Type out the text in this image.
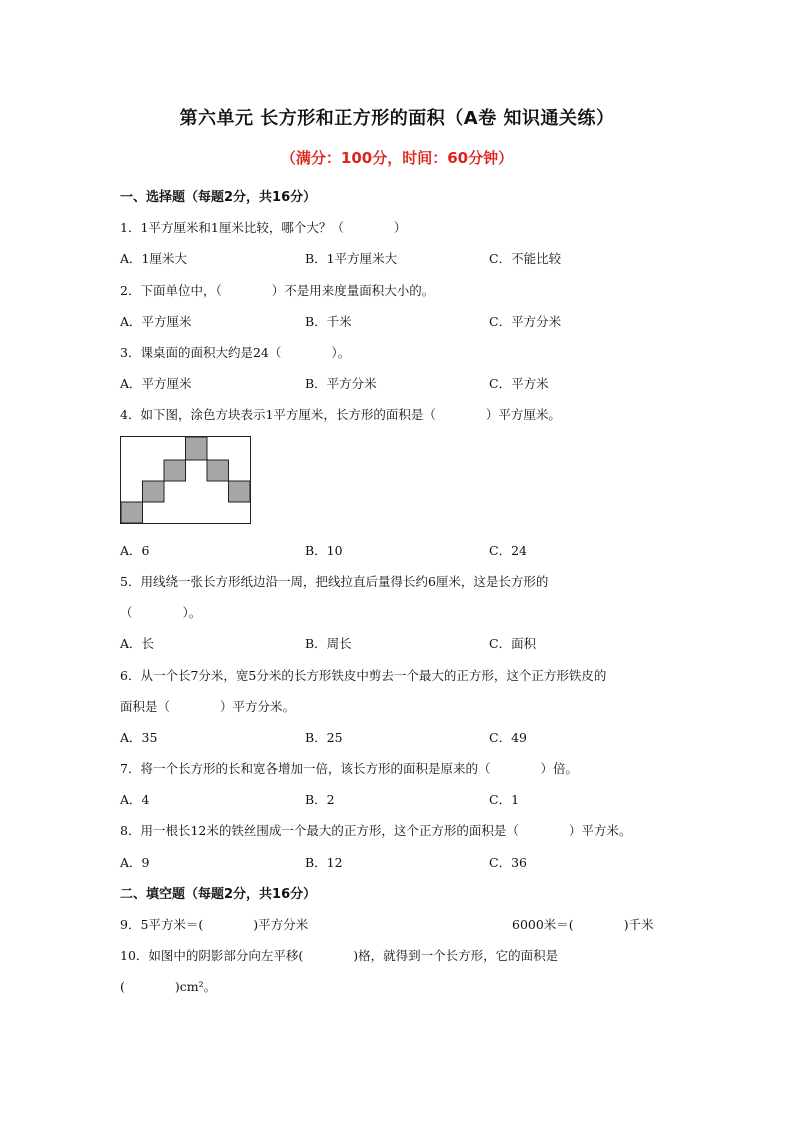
第六单元 长方形和正方形的面积（A卷 知识通关练）
（满分：100分，时间：60分钟）
一、选择题（每题2分，共16分）
1．1平方厘米和1厘米比较，哪个大？（　　　　）
A．1厘米大	B．1平方厘米大	C．不能比较
2．下面单位中，（　　　　）不是用来度量面积大小的。
A．平方厘米	B．千米	C．平方分米
3．课桌面的面积大约是24（　　　　）。
A．平方厘米	B．平方分米	C．平方米
4．如下图，涂色方块表示1平方厘米，长方形的面积是（　　　　）平方厘米。
A．6	B．10	C．24
5．用线绕一张长方形纸边沿一周，把线拉直后量得长约6厘米，这是长方形的
（　　　　）。
A．长	B．周长	C．面积
6．从一个长7分米，宽5分米的长方形铁皮中剪去一个最大的正方形，这个正方形铁皮的
面积是（　　　　）平方分米。
A．35	B．25	C．49
7．将一个长方形的长和宽各增加一倍，该长方形的面积是原来的（　　　　）倍。
A．4	B．2	C．1
8．用一根长12米的铁丝围成一个最大的正方形，这个正方形的面积是（　　　　）平方米。
A．9	B．12	C．36
二、填空题（每题2分，共16分）
9．5平方米＝(　　　　)平方分米	6000米＝(　　　　)千米
10．如图中的阴影部分向左平移(　　　　)格，就得到一个长方形，它的面积是
(　　　　)cm²。
